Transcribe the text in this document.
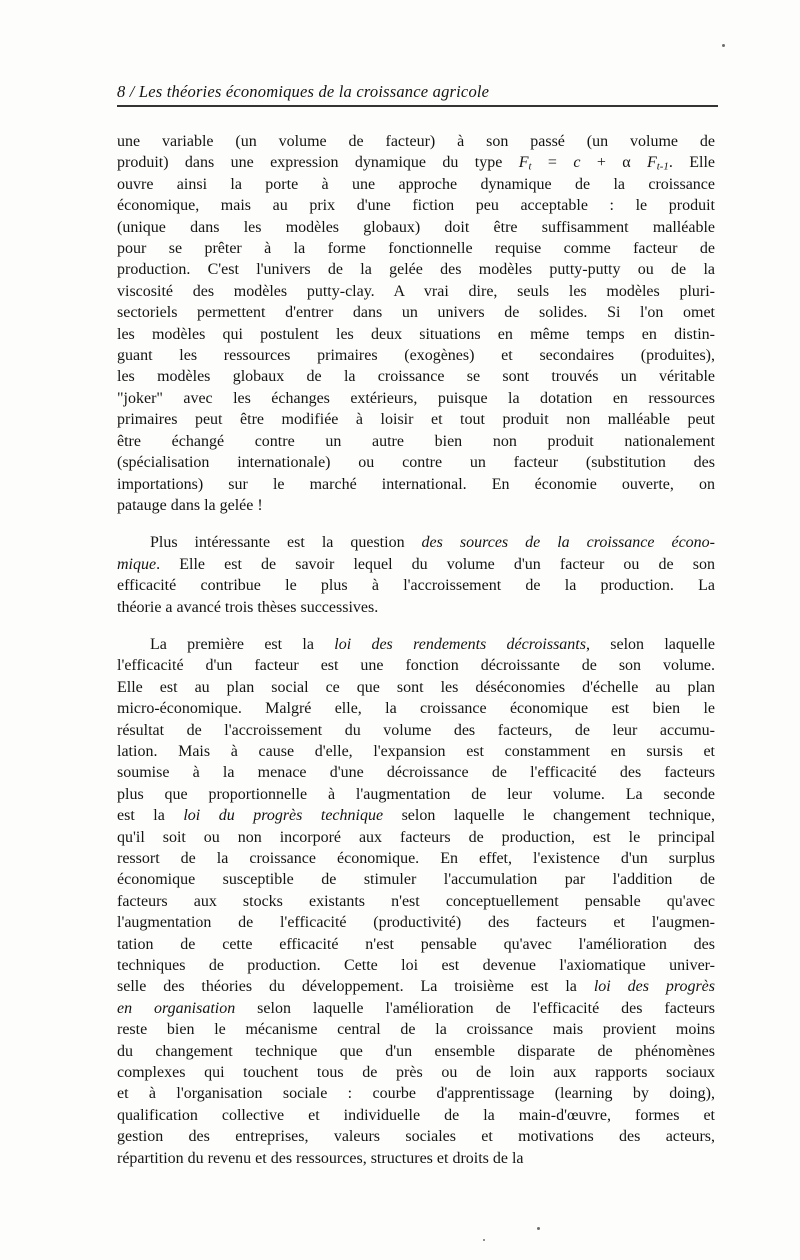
8 / Les théories économiques de la croissance agricole
une variable (un volume de facteur) à son passé (un volume de
produit) dans une expression dynamique du type $F_t = c + \alpha$ $F_{t-1}$. Elle
ouvre ainsi la porte à une approche dynamique de la croissance
économique, mais au prix d'une fiction peu acceptable : le produit
(unique dans les modèles globaux) doit être suffisamment malléable
pour se prêter à la forme fonctionnelle requise comme facteur de
production. C'est l'univers de la gelée des modèles putty-putty ou de la
viscosité des modèles putty-clay. A vrai dire, seuls les modèles pluri-
sectoriels permettent d'entrer dans un univers de solides. Si l'on omet
les modèles qui postulent les deux situations en même temps en distin-
guant les ressources primaires (exogènes) et secondaires (produites),
les modèles globaux de la croissance se sont trouvés un véritable
"joker" avec les échanges extérieurs, puisque la dotation en ressources
primaires peut être modifiée à loisir et tout produit non malléable peut
être échangé contre un autre bien non produit nationalement
(spécialisation internationale) ou contre un facteur (substitution des
importations) sur le marché international. En économie ouverte, on
patauge dans la gelée !
Plus intéressante est la question des sources de la croissance écono-
mique. Elle est de savoir lequel du volume d'un facteur ou de son
efficacité contribue le plus à l'accroissement de la production. La
théorie a avancé trois thèses successives.
La première est la loi des rendements décroissants, selon laquelle
l'efficacité d'un facteur est une fonction décroissante de son volume.
Elle est au plan social ce que sont les déséconomies d'échelle au plan
micro-économique. Malgré elle, la croissance économique est bien le
résultat de l'accroissement du volume des facteurs, de leur accumu-
lation. Mais à cause d'elle, l'expansion est constamment en sursis et
soumise à la menace d'une décroissance de l'efficacité des facteurs
plus que proportionnelle à l'augmentation de leur volume. La seconde
est la loi du progrès technique selon laquelle le changement technique,
qu'il soit ou non incorporé aux facteurs de production, est le principal
ressort de la croissance économique. En effet, l'existence d'un surplus
économique susceptible de stimuler l'accumulation par l'addition de
facteurs aux stocks existants n'est conceptuellement pensable qu'avec
l'augmentation de l'efficacité (productivité) des facteurs et l'augmen-
tation de cette efficacité n'est pensable qu'avec l'amélioration des
techniques de production. Cette loi est devenue l'axiomatique univer-
selle des théories du développement. La troisième est la loi des progrès
en organisation selon laquelle l'amélioration de l'efficacité des facteurs
reste bien le mécanisme central de la croissance mais provient moins
du changement technique que d'un ensemble disparate de phénomènes
complexes qui touchent tous de près ou de loin aux rapports sociaux
et à l'organisation sociale : courbe d'apprentissage (learning by doing),
qualification collective et individuelle de la main-d'œuvre, formes et
gestion des entreprises, valeurs sociales et motivations des acteurs,
répartition du revenu et des ressources, structures et droits de la
